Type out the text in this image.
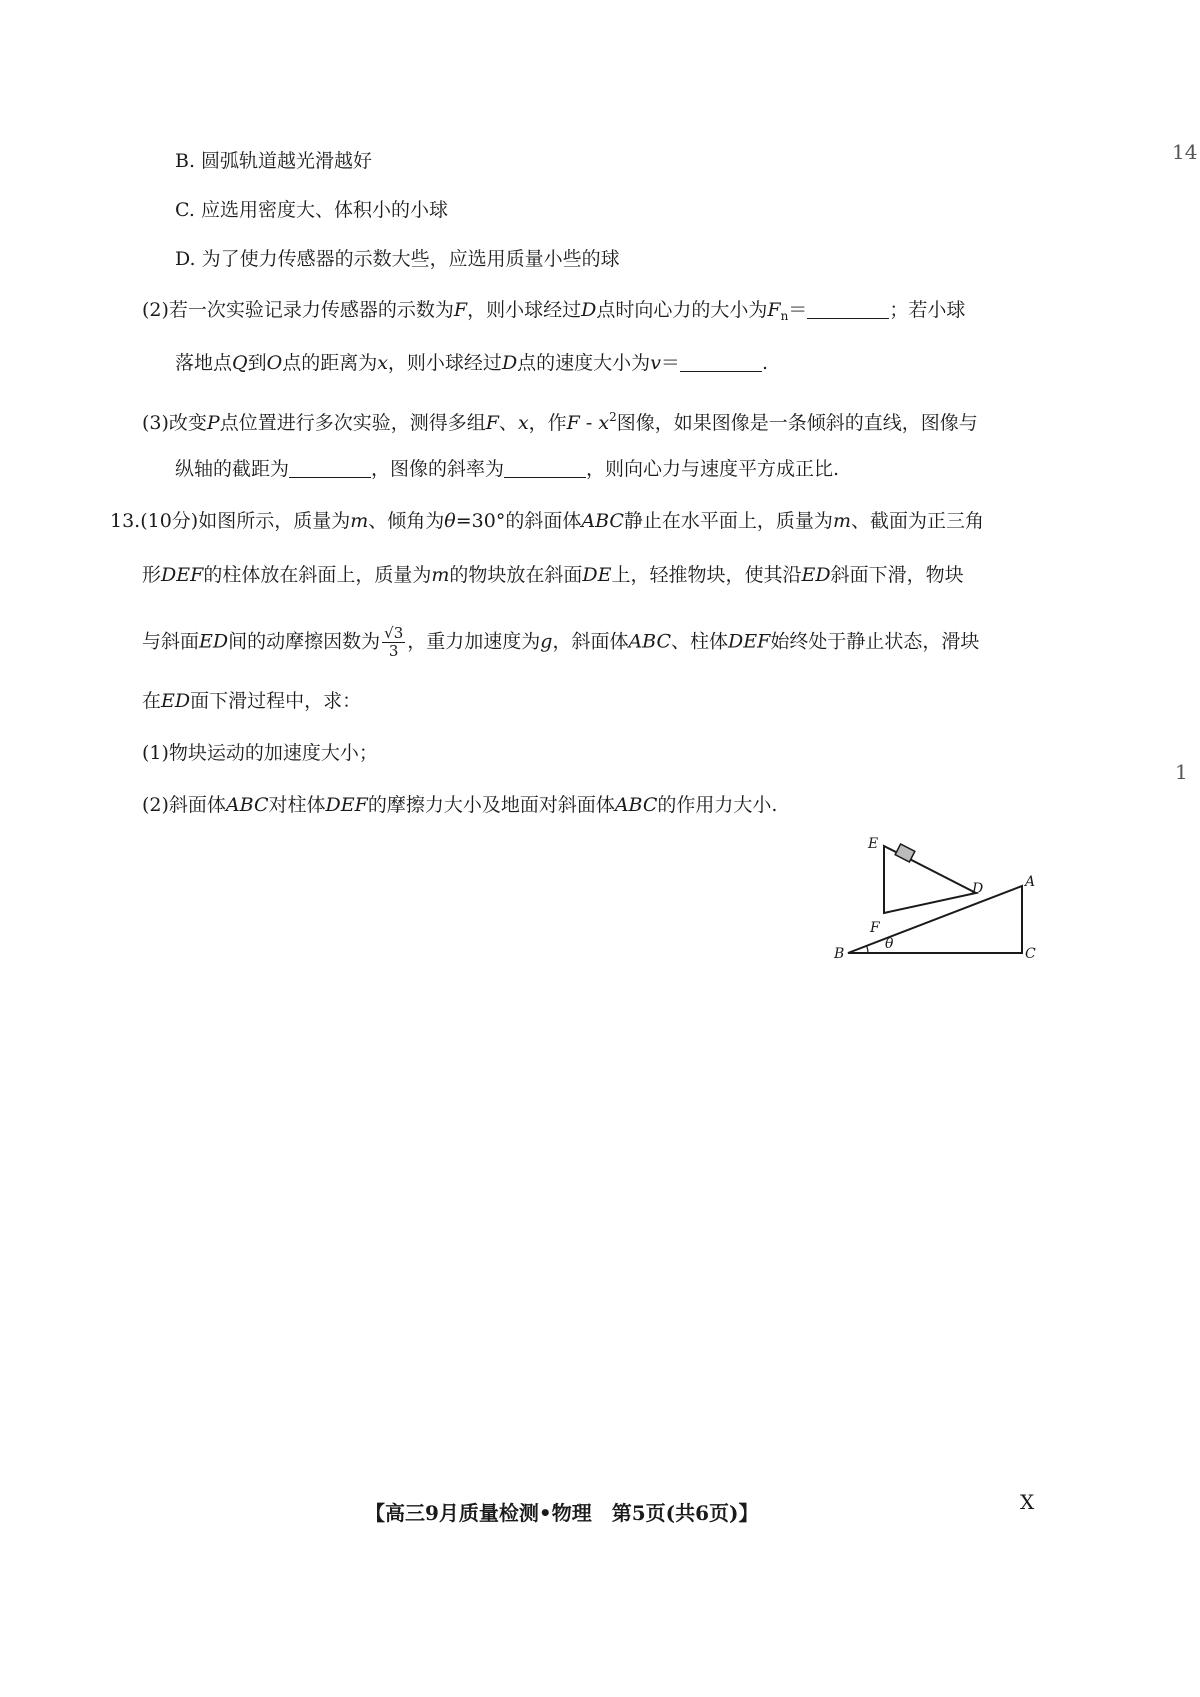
14
1
B. 圆弧轨道越光滑越好
C. 应选用密度大、体积小的小球
D. 为了使力传感器的示数大些，应选用质量小些的球
(2)若一次实验记录力传感器的示数为F，则小球经过D点时向心力的大小为$F_n=$	；若小球
落地点Q到O点的距离为x，则小球经过D点的速度大小为v＝	.
(3)改变P点位置进行多次实验，测得多组F、x，作F - $x^2$图像，如果图像是一条倾斜的直线，图像与
纵轴的截距为	，图像的斜率为	，则向心力与速度平方成正比.
13.(10分)如图所示，质量为m、倾角为θ=30°的斜面体ABC静止在水平面上，质量为m、截面为正三角
形DEF的柱体放在斜面上，质量为m的物块放在斜面DE上，轻推物块，使其沿ED斜面下滑，物块
与斜面ED间的动摩擦因数为 $\frac{√3}{3}$ ，重力加速度为g，斜面体ABC、柱体DEF始终处于静止状态，滑块
在ED面下滑过程中，求：
(1)物块运动的加速度大小；
(2)斜面体ABC对柱体DEF的摩擦力大小及地面对斜面体ABC的作用力大小.
E
D	A
F
θ
B	C
【高三9月质量检测•物理　第5页(共6页)】	X
